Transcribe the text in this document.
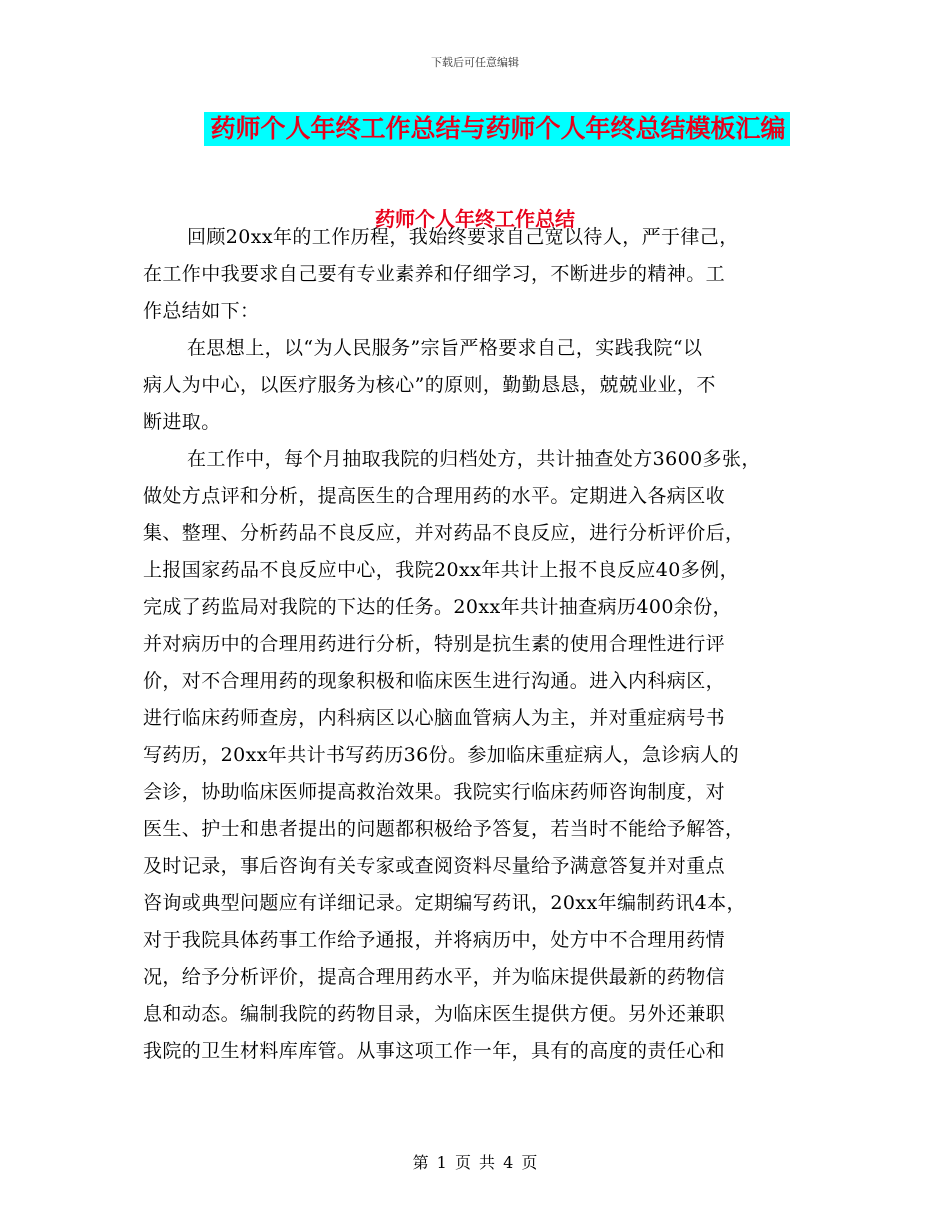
下载后可任意编辑
药师个人年终工作总结与药师个人年终总结模板汇编
药师个人年终工作总结
回顾20xx年的工作历程，我始终要求自己宽以待人，严于律己，
在工作中我要求自己要有专业素养和仔细学习，不断进步的精神。工
作总结如下：
在思想上，以“为人民服务”宗旨严格要求自己，实践我院“以
病人为中心，以医疗服务为核心”的原则，勤勤恳恳，兢兢业业，不
断进取。
在工作中，每个月抽取我院的归档处方，共计抽查处方3600多张，
做处方点评和分析，提高医生的合理用药的水平。定期进入各病区收
集、整理、分析药品不良反应，并对药品不良反应，进行分析评价后，
上报国家药品不良反应中心，我院20xx年共计上报不良反应40多例，
完成了药监局对我院的下达的任务。20xx年共计抽查病历400余份，
并对病历中的合理用药进行分析，特别是抗生素的使用合理性进行评
价，对不合理用药的现象积极和临床医生进行沟通。进入内科病区，
进行临床药师查房，内科病区以心脑血管病人为主，并对重症病号书
写药历，20xx年共计书写药历36份。参加临床重症病人，急诊病人的
会诊，协助临床医师提高救治效果。我院实行临床药师咨询制度，对
医生、护士和患者提出的问题都积极给予答复，若当时不能给予解答，
及时记录，事后咨询有关专家或查阅资料尽量给予满意答复并对重点
咨询或典型问题应有详细记录。定期编写药讯，20xx年编制药讯4本，
对于我院具体药事工作给予通报，并将病历中，处方中不合理用药情
况，给予分析评价，提高合理用药水平，并为临床提供最新的药物信
息和动态。编制我院的药物目录，为临床医生提供方便。另外还兼职
我院的卫生材料库库管。从事这项工作一年，具有的高度的责任心和
第 1 页 共 4 页
